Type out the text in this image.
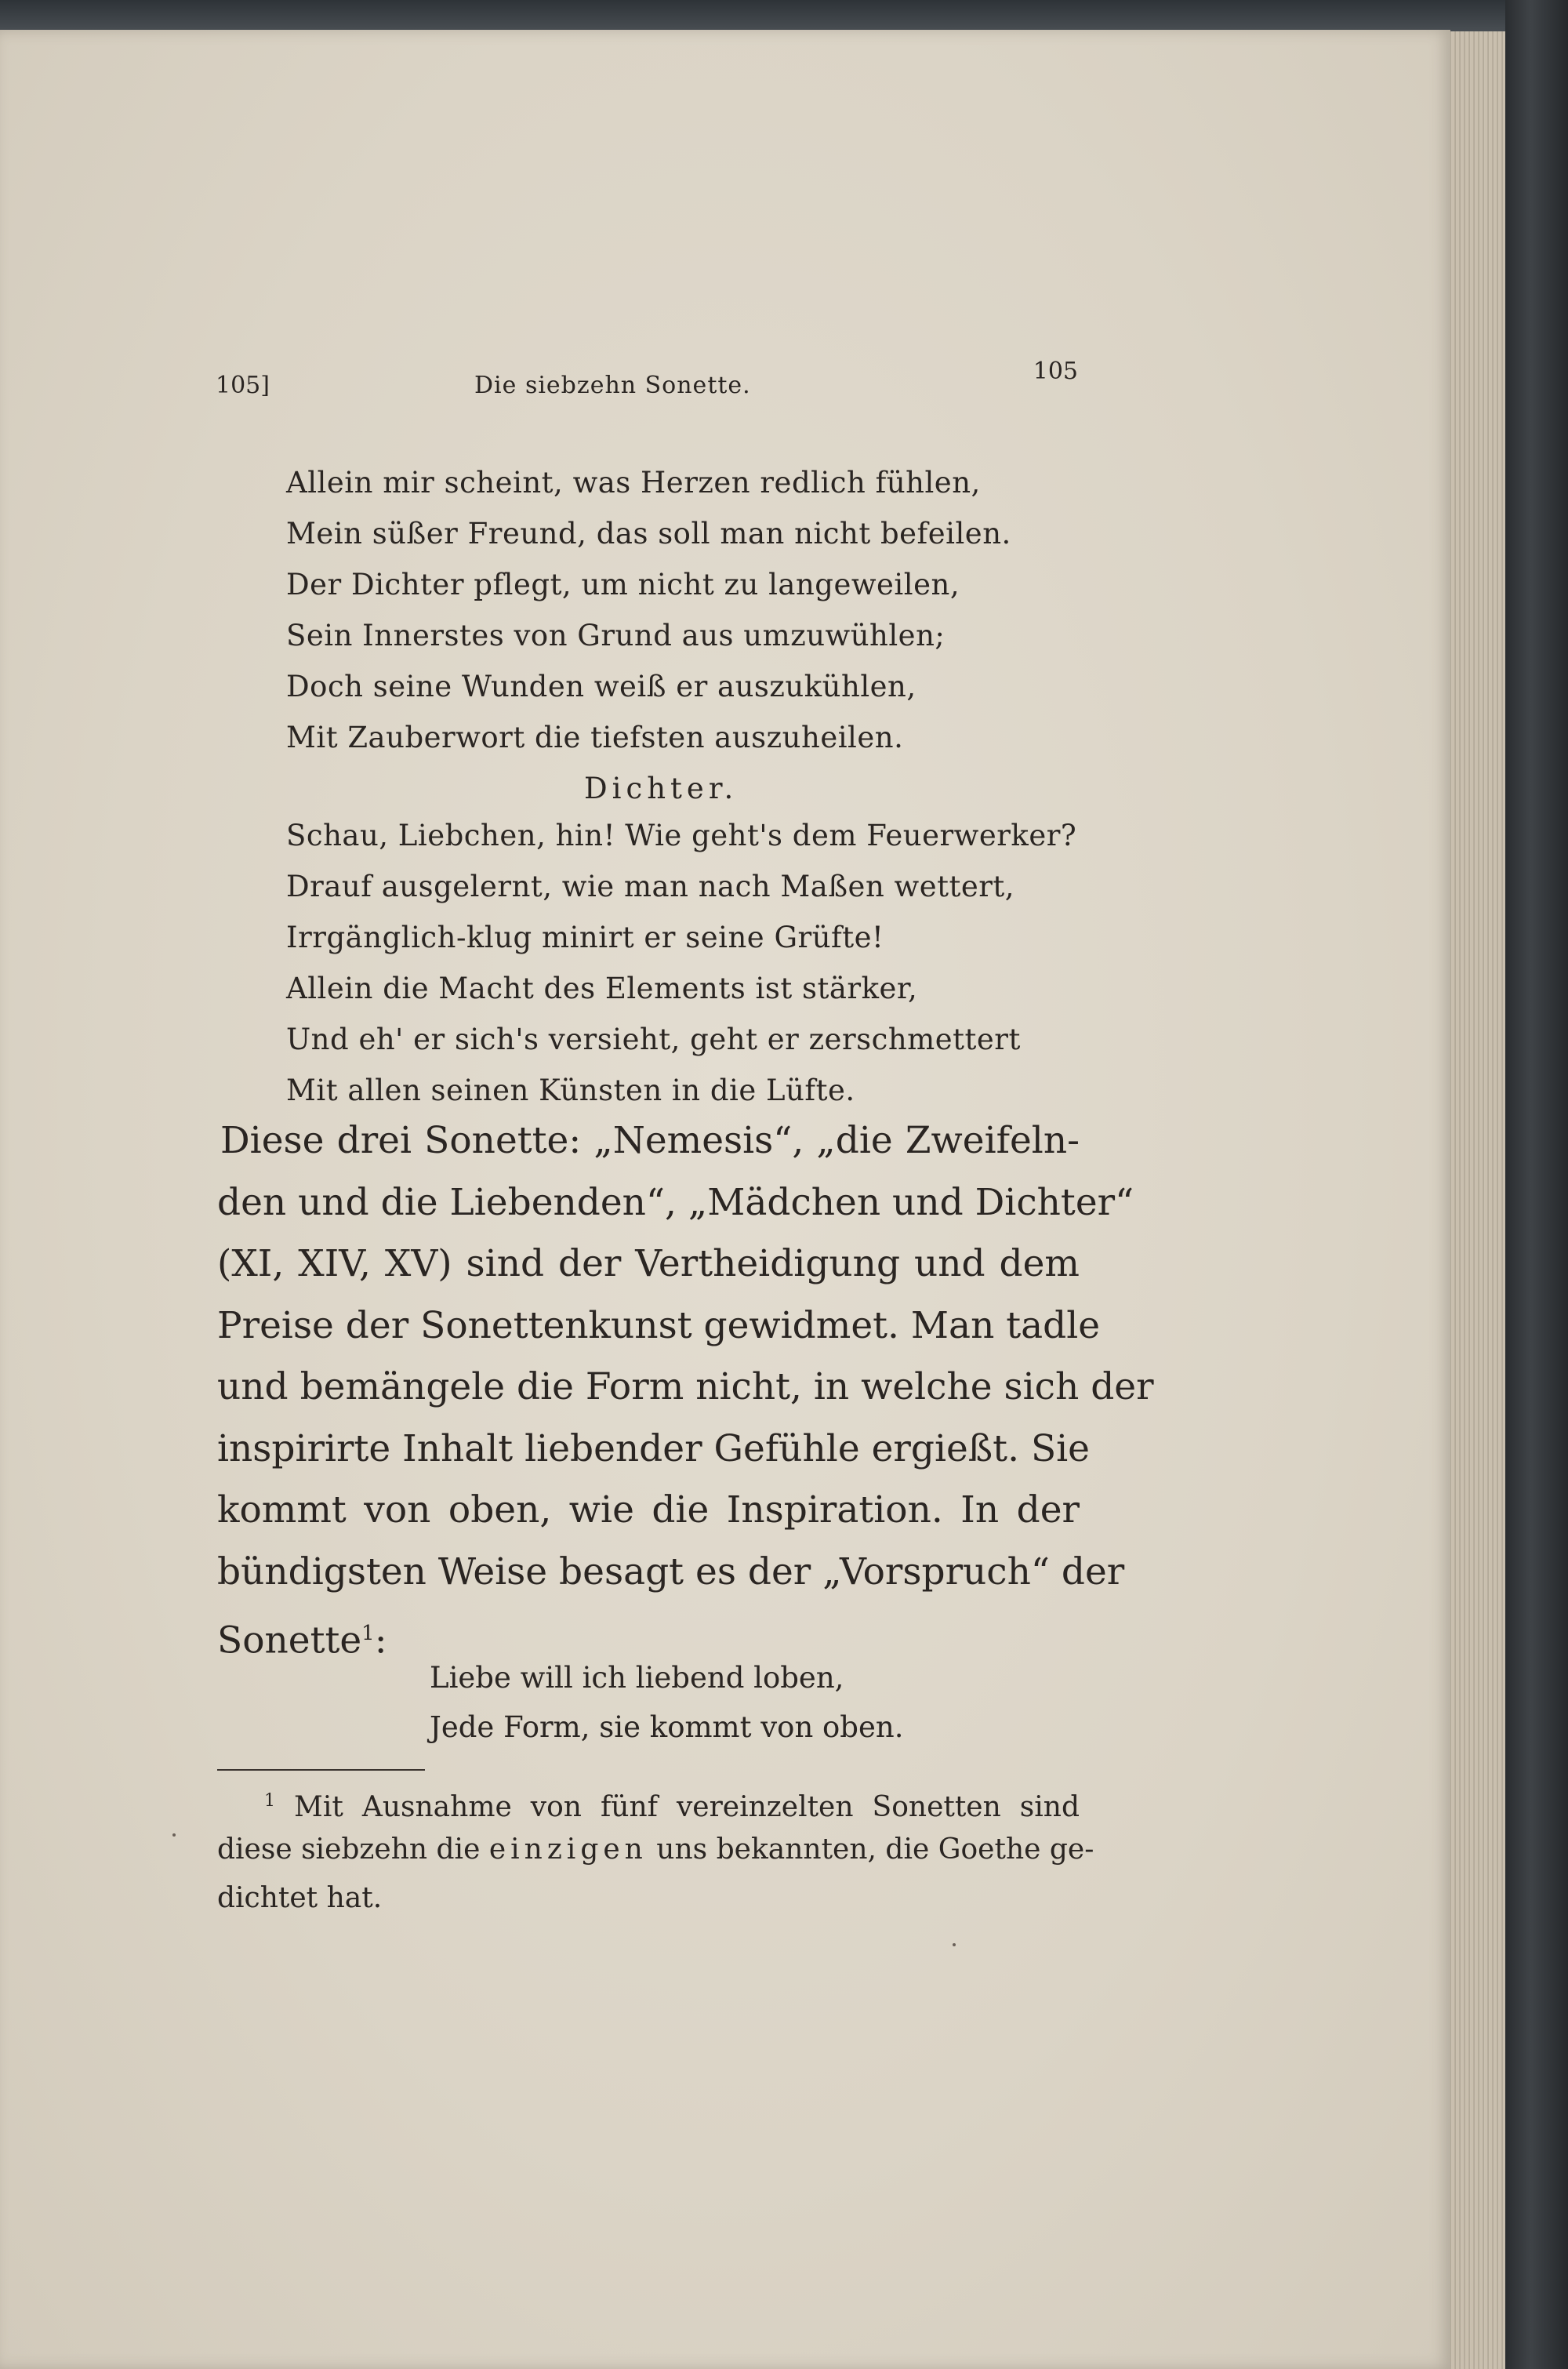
105]	Die siebzehn Sonette.
105
Allein mir scheint, was Herzen redlich fühlen,
Mein süßer Freund, das soll man nicht befeilen.
Der Dichter pflegt, um nicht zu langeweilen,
Sein Innerstes von Grund aus umzuwühlen;
Doch seine Wunden weiß er auszukühlen,
Mit Zauberwort die tiefsten auszuheilen.
Dichter.
Schau, Liebchen, hin! Wie geht's dem Feuerwerker?
Drauf ausgelernt, wie man nach Maßen wettert,
Irrgänglich-klug minirt er seine Grüfte!
Allein die Macht des Elements ist stärker,
Und eh' er sich's versieht, geht er zerschmettert
Mit allen seinen Künsten in die Lüfte.
Diese drei Sonette: „Nemesis“, „die Zweifeln-
den und die Liebenden“, „Mädchen und Dichter“
(XI, XIV, XV) sind der Vertheidigung und dem
Preise der Sonettenkunst gewidmet. Man tadle
und bemängele die Form nicht, in welche sich der
inspirirte Inhalt liebender Gefühle ergießt. Sie
kommt von oben, wie die Inspiration. In der
bündigsten Weise besagt es der „Vorspruch“ der
Sonette$^1$:
Liebe will ich liebend loben,
Jede Form, sie kommt von oben.
$^1$ Mit Ausnahme von fünf vereinzelten Sonetten sind
diese siebzehn die einzigen uns bekannten, die Goethe ge-
dichtet hat.
